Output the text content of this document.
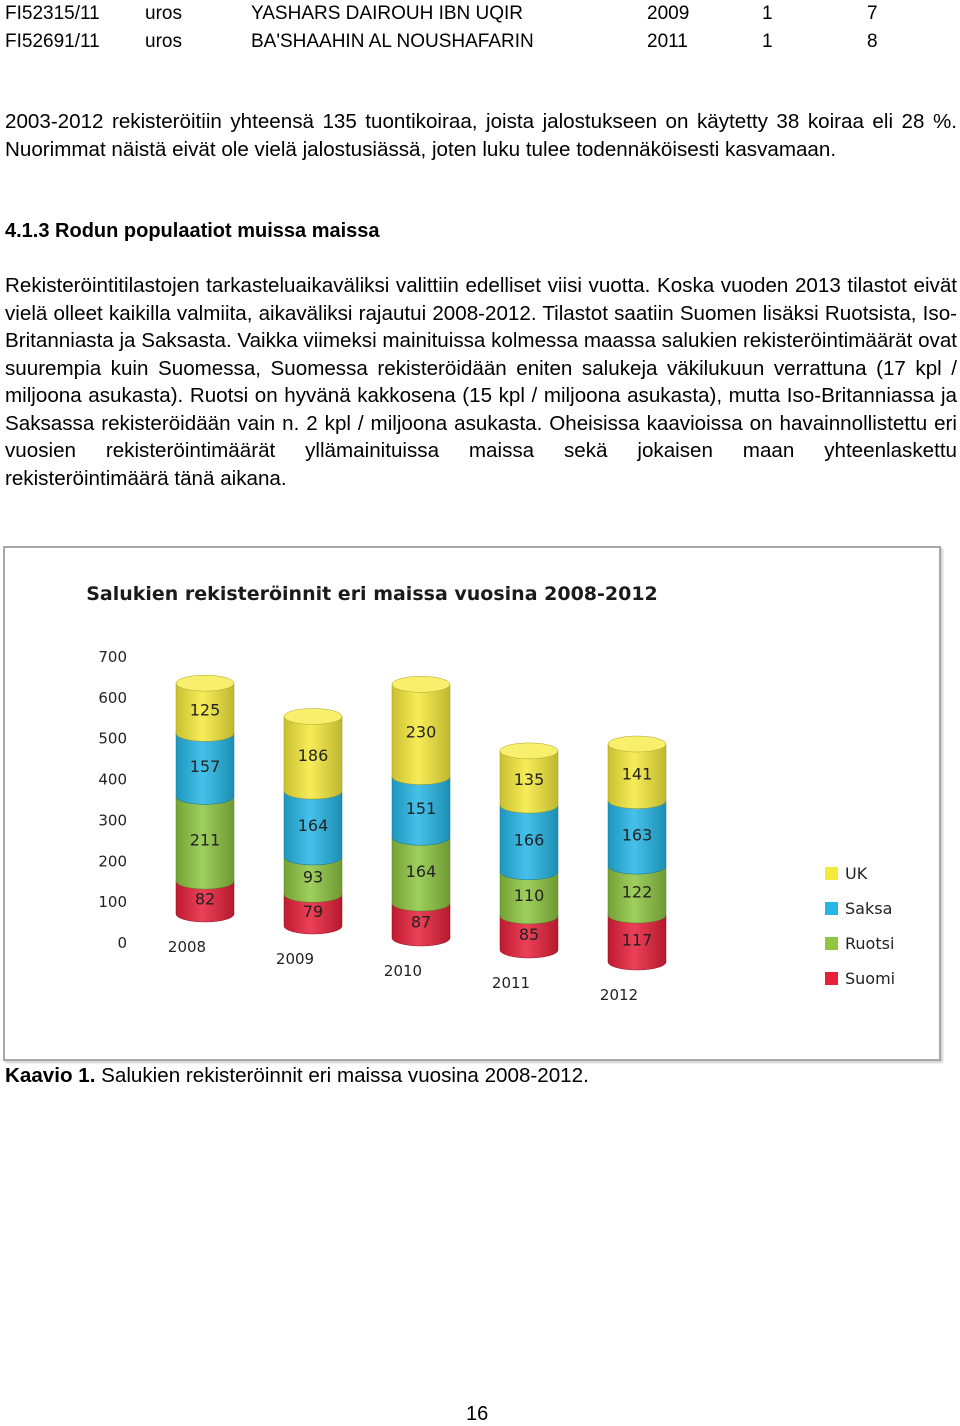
FI52315/11	uros	YASHARS DAIROUH IBN UQIR	2009	1	7
FI52691/11	uros	BA'SHAAHIN AL NOUSHAFARIN	2011	1	8

2003-2012 rekisteröitiin yhteensä 135 tuontikoiraa, joista jalostukseen on käytetty 38 koiraa eli 28 %. Nuorimmat näistä eivät ole vielä jalostusiässä, joten luku tulee todennäköisesti kasvamaan.

4.1.3 Rodun populaatiot muissa maissa

Rekisteröintitilastojen tarkasteluaikaväliksi valittiin edelliset viisi vuotta. Koska vuoden 2013 tilastot eivät vielä olleet kaikilla valmiita, aikaväliksi rajautui 2008-2012. Tilastot saatiin Suomen lisäksi Ruotsista, Iso-Britanniasta ja Saksasta. Vaikka viimeksi mainituissa kolmessa maassa salukien rekisteröintimäärät ovat suurempia kuin Suomessa, Suomessa rekisteröidään eniten salukeja väkilukuun verrattuna (17 kpl / miljoona asukasta). Ruotsi on hyvänä kakkosena (15 kpl / miljoona asukasta), mutta Iso-Britanniassa ja Saksassa rekisteröidään vain n. 2 kpl / miljoona asukasta. Oheisissa kaavioissa on havainnollistettu eri vuosien rekisteröintimäärät yllämainituissa maissa sekä jokaisen maan yhteenlaskettu rekisteröintimäärä tänä aikana.

Salukien rekisteröinnit eri maissa vuosina 2008-2012
0
100
200
300
400
500
600
700
82
211
157
125
2008
79
93
164
186
2009
87
164
151
230
2010
85
110
166
135
2011
117
122
163
141
2012
UK
Saksa
Ruotsi
Suomi

Kaavio 1. Salukien rekisteröinnit eri maissa vuosina 2008-2012.

16
